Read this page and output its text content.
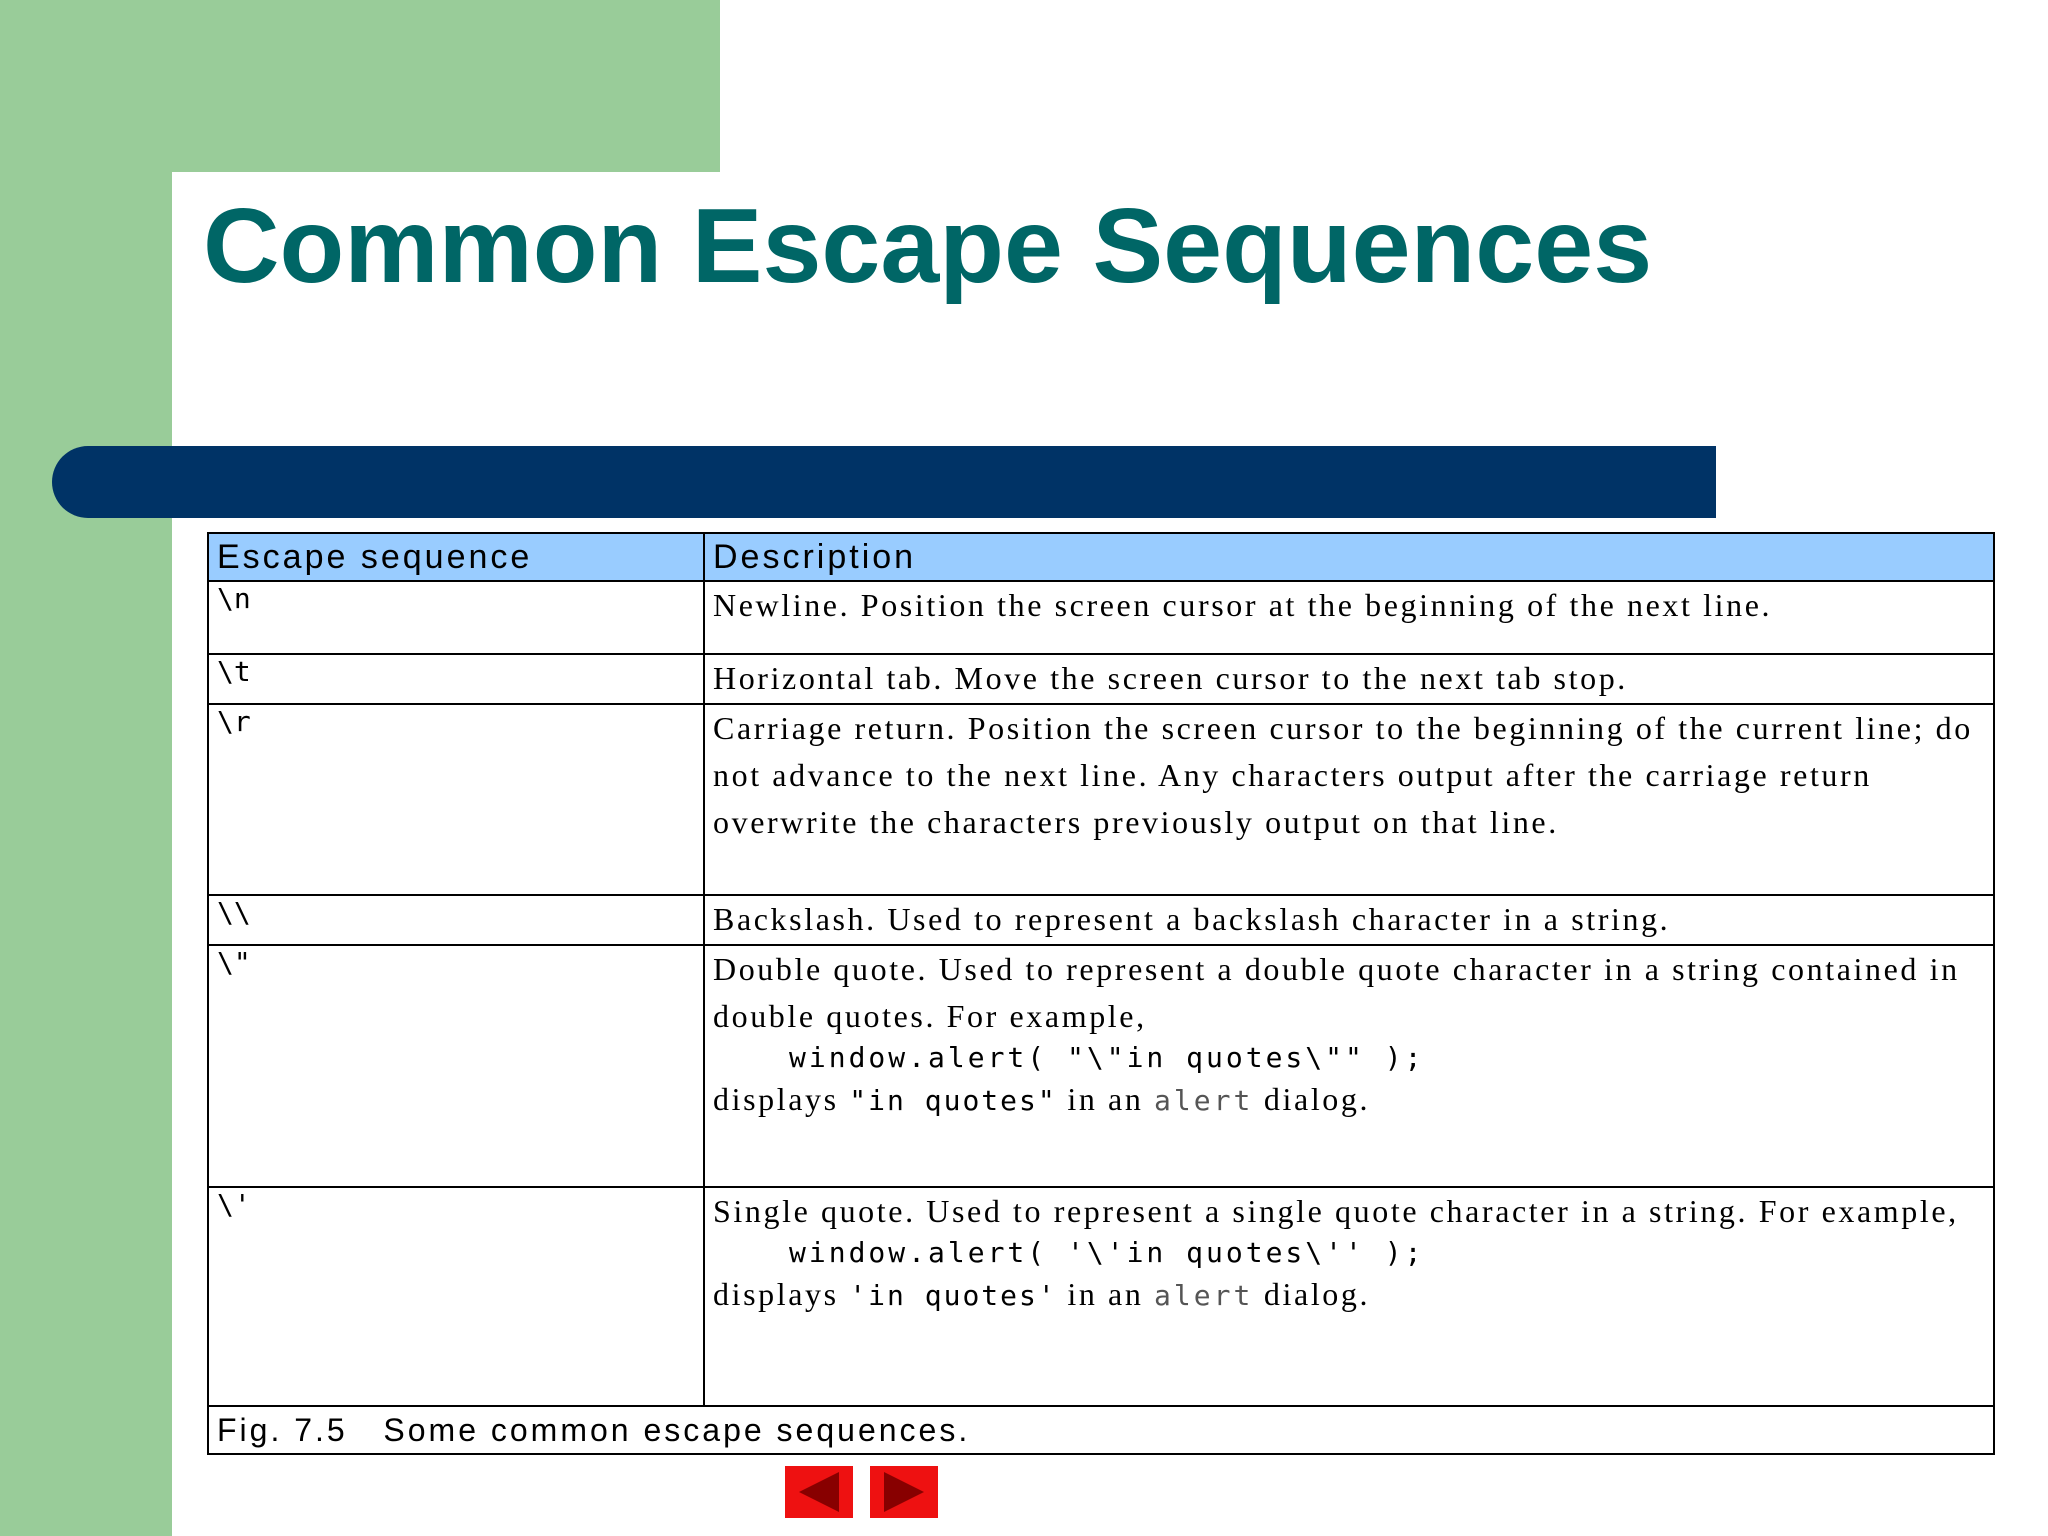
Common Escape Sequences
Escape sequence	Description
\n	Newline. Position the screen cursor at the beginning of the next line.
\t	Horizontal tab. Move the screen cursor to the next tab stop.
\r	Carriage return. Position the screen cursor to the beginning of the current line; do not advance to the next line. Any characters output after the carriage return overwrite the characters previously output on that line.
\\	Backslash. Used to represent a backslash character in a string.
\"	Double quote. Used to represent a double quote character in a string contained in double quotes. For example,
window.alert( "\"in quotes\"" );
displays "in quotes" in an alert dialog.
\'	Single quote. Used to represent a single quote character in a string. For example,
window.alert( '\'in quotes\'' );
displays 'in quotes' in an alert dialog.
Fig. 7.5   Some common escape sequences.	
